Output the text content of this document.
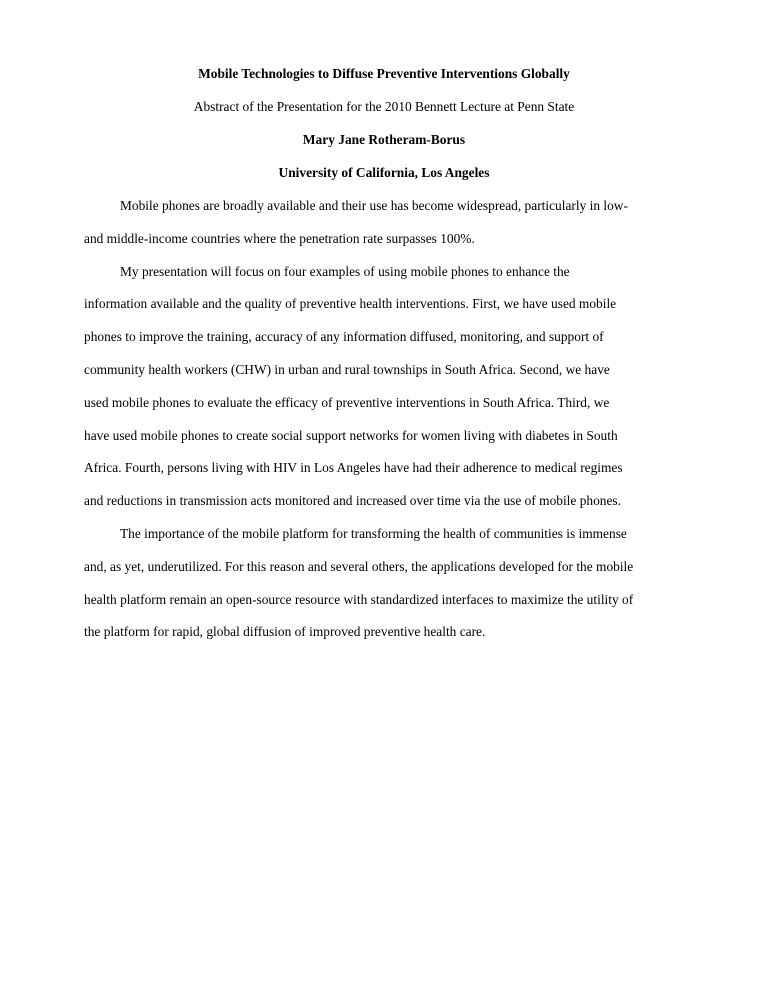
Mobile Technologies to Diffuse Preventive Interventions Globally
Abstract of the Presentation for the 2010 Bennett Lecture at Penn State
Mary Jane Rotheram-Borus
University of California, Los Angeles
Mobile phones are broadly available and their use has become widespread, particularly in low-
and middle-income countries where the penetration rate surpasses 100%.
My presentation will focus on four examples of using mobile phones to enhance the
information available and the quality of preventive health interventions. First, we have used mobile
phones to improve the training, accuracy of any information diffused, monitoring, and support of
community health workers (CHW) in urban and rural townships in South Africa. Second, we have
used mobile phones to evaluate the efficacy of preventive interventions in South Africa. Third, we
have used mobile phones to create social support networks for women living with diabetes in South
Africa. Fourth, persons living with HIV in Los Angeles have had their adherence to medical regimes
and reductions in transmission acts monitored and increased over time via the use of mobile phones.
The importance of the mobile platform for transforming the health of communities is immense
and, as yet, underutilized. For this reason and several others, the applications developed for the mobile
health platform remain an open-source resource with standardized interfaces to maximize the utility of
the platform for rapid, global diffusion of improved preventive health care.
